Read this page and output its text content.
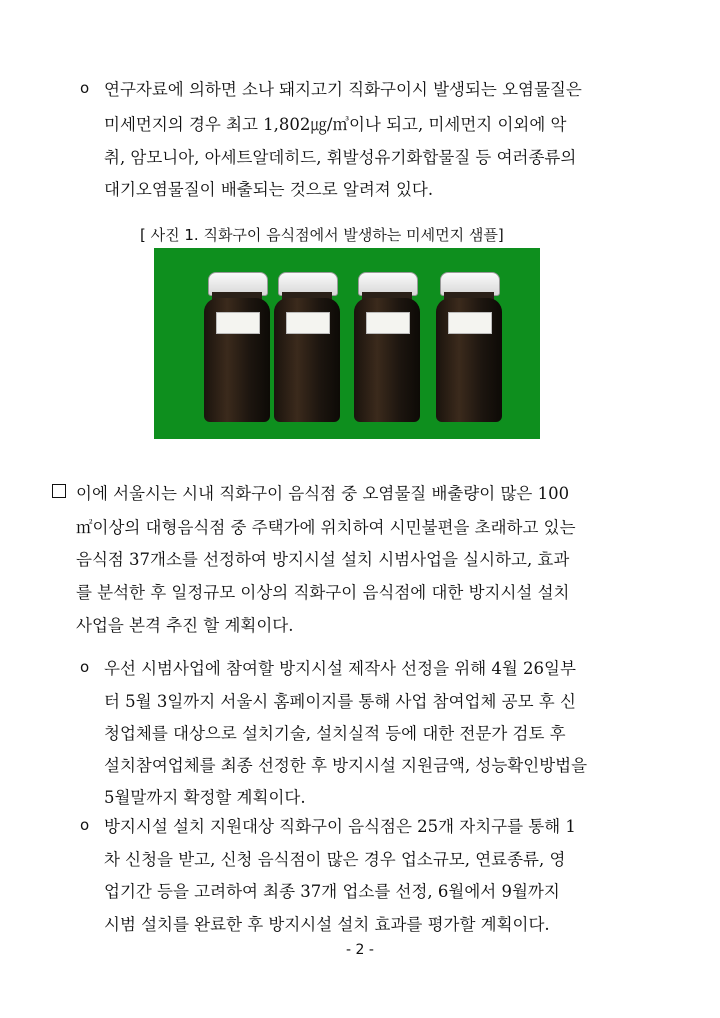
o 연구자료에 의하면 소나 돼지고기 직화구이시 발생되는 오염물질은
미세먼지의 경우 최고 1,802㎍/㎥이나 되고, 미세먼지 이외에 악
취, 암모니아, 아세트알데히드, 휘발성유기화합물질 등 여러종류의
대기오염물질이 배출되는 것으로 알려져 있다.
[ 사진 1. 직화구이 음식점에서 발생하는 미세먼지 샘플]
이에 서울시는 시내 직화구이 음식점 중 오염물질 배출량이 많은 100
㎡이상의 대형음식점 중 주택가에 위치하여 시민불편을 초래하고 있는
음식점 37개소를 선정하여 방지시설 설치 시범사업을 실시하고, 효과
를 분석한 후 일정규모 이상의 직화구이 음식점에 대한 방지시설 설치
사업을 본격 추진 할 계획이다.
o 우선 시범사업에 참여할 방지시설 제작사 선정을 위해 4월 26일부
터 5월 3일까지 서울시 홈페이지를 통해 사업 참여업체 공모 후 신
청업체를 대상으로 설치기술, 설치실적 등에 대한 전문가 검토 후
설치참여업체를 최종 선정한 후 방지시설 지원금액, 성능확인방법을
5월말까지 확정할 계획이다.
o 방지시설 설치 지원대상 직화구이 음식점은 25개 자치구를 통해 1
차 신청을 받고, 신청 음식점이 많은 경우 업소규모, 연료종류, 영
업기간 등을 고려하여 최종 37개 업소를 선정, 6월에서 9월까지
시범 설치를 완료한 후 방지시설 설치 효과를 평가할 계획이다.
- 2 -
